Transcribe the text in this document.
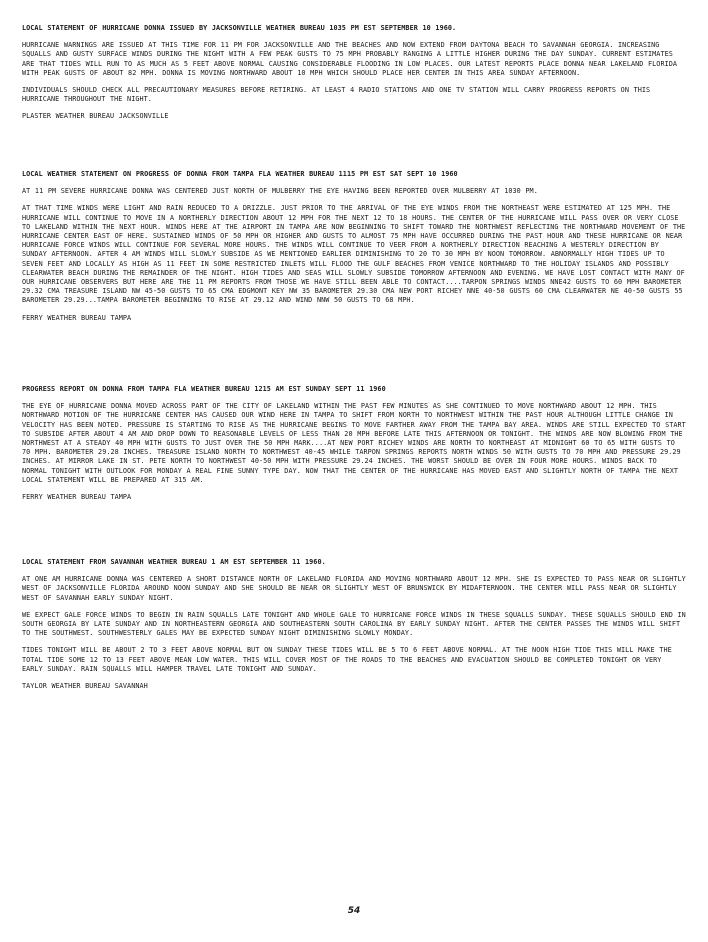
LOCAL STATEMENT OF HURRICANE DONNA ISSUED BY JACKSONVILLE WEATHER BUREAU 1035 PM EST SEPTEMBER 10 1960.
HURRICANE WARNINGS ARE ISSUED AT THIS TIME FOR 11 PM FOR JACKSONVILLE AND THE BEACHES AND NOW EXTEND FROM DAYTONA BEACH TO SAVANNAH GEORGIA. INCREASING SQUALLS AND GUSTY SURFACE WINDS DURING THE NIGHT WITH A FEW PEAK GUSTS TO 75 MPH PROBABLY RANGING A LITTLE HIGHER DURING THE DAY SUNDAY. CURRENT ESTIMATES ARE THAT TIDES WILL RUN TO AS MUCH AS 5 FEET ABOVE NORMAL CAUSING CONSIDERABLE FLOODING IN LOW PLACES. OUR LATEST REPORTS PLACE DONNA NEAR LAKELAND FLORIDA WITH PEAK GUSTS OF ABOUT 82 MPH. DONNA IS MOVING NORTHWARD ABOUT 10 MPH WHICH SHOULD PLACE HER CENTER IN THIS AREA SUNDAY AFTERNOON.
INDIVIDUALS SHOULD CHECK ALL PRECAUTIONARY MEASURES BEFORE RETIRING. AT LEAST 4 RADIO STATIONS AND ONE TV STATION WILL CARRY PROGRESS REPORTS ON THIS HURRICANE THROUGHOUT THE NIGHT.
PLASTER WEATHER BUREAU JACKSONVILLE
LOCAL WEATHER STATEMENT ON PROGRESS OF DONNA FROM TAMPA FLA WEATHER BUREAU 1115 PM EST SAT SEPT 10 1960
AT 11 PM SEVERE HURRICANE DONNA WAS CENTERED JUST NORTH OF MULBERRY THE EYE HAVING BEEN REPORTED OVER MULBERRY AT 1030 PM.
AT THAT TIME WINDS WERE LIGHT AND RAIN REDUCED TO A DRIZZLE. JUST PRIOR TO THE ARRIVAL OF THE EYE WINDS FROM THE NORTHEAST WERE ESTIMATED AT 125 MPH. THE HURRICANE WILL CONTINUE TO MOVE IN A NORTHERLY DIRECTION ABOUT 12 MPH FOR THE NEXT 12 TO 18 HOURS. THE CENTER OF THE HURRICANE WILL PASS OVER OR VERY CLOSE TO LAKELAND WITHIN THE NEXT HOUR. WINDS HERE AT THE AIRPORT IN TAMPA ARE NOW BEGINNING TO SHIFT TOWARD THE NORTHWEST REFLECTING THE NORTHWARD MOVEMENT OF THE HURRICANE CENTER EAST OF HERE. SUSTAINED WINDS OF 50 MPH OR HIGHER AND GUSTS TO ALMOST 75 MPH HAVE OCCURRED DURING THE PAST HOUR AND THESE HURRICANE OR NEAR HURRICANE FORCE WINDS WILL CONTINUE FOR SEVERAL MORE HOURS. THE WINDS WILL CONTINUE TO VEER FROM A NORTHERLY DIRECTION REACHING A WESTERLY DIRECTION BY SUNDAY AFTERNOON. AFTER 4 AM WINDS WILL SLOWLY SUBSIDE AS WE MENTIONED EARLIER DIMINISHING TO 20 TO 30 MPH BY NOON TOMORROW. ABNORMALLY HIGH TIDES UP TO SEVEN FEET AND LOCALLY AS HIGH AS 11 FEET IN SOME RESTRICTED INLETS WILL FLOOD THE GULF BEACHES FROM VENICE NORTHWARD TO THE HOLIDAY ISLANDS AND POSSIBLY CLEARWATER BEACH DURING THE REMAINDER OF THE NIGHT. HIGH TIDES AND SEAS WILL SLOWLY SUBSIDE TOMORROW AFTERNOON AND EVENING. WE HAVE LOST CONTACT WITH MANY OF OUR HURRICANE OBSERVERS BUT HERE ARE THE 11 PM REPORTS FROM THOSE WE HAVE STILL BEEN ABLE TO CONTACT....TARPON SPRINGS WINDS NNE42 GUSTS TO 60 MPH BAROMETER 29.32 CMA TREASURE ISLAND NW 45-50 GUSTS TO 65 CMA EDGMONT KEY NW 35 BAROMETER 29.30 CMA NEW PORT RICHEY NNE 40-50 GUSTS 60 CMA CLEARWATER NE 40-50 GUSTS 55 BAROMETER 29.29...TAMPA BAROMETER BEGINNING TO RISE AT 29.12 AND WIND NNW 50 GUSTS TO 68 MPH.
FERRY WEATHER BUREAU TAMPA
PROGRESS REPORT ON DONNA FROM TAMPA FLA WEATHER BUREAU 1215 AM EST SUNDAY SEPT 11 1960
THE EYE OF HURRICANE DONNA MOVED ACROSS PART OF THE CITY OF LAKELAND WITHIN THE PAST FEW MINUTES AS SHE CONTINUED TO MOVE NORTHWARD ABOUT 12 MPH. THIS NORTHWARD MOTION OF THE HURRICANE CENTER HAS CAUSED OUR WIND HERE IN TAMPA TO SHIFT FROM NORTH TO NORTHWEST WITHIN THE PAST HOUR ALTHOUGH LITTLE CHANGE IN VELOCITY HAS BEEN NOTED. PRESSURE IS STARTING TO RISE AS THE HURRICANE BEGINS TO MOVE FARTHER AWAY FROM THE TAMPA BAY AREA. WINDS ARE STILL EXPECTED TO START TO SUBSIDE AFTER ABOUT 4 AM AND DROP DOWN TO REASONABLE LEVELS OF LESS THAN 20 MPH BEFORE LATE THIS AFTERNOON OR TONIGHT. THE WINDS ARE NOW BLOWING FROM THE NORTHWEST AT A STEADY 40 MPH WITH GUSTS TO JUST OVER THE 50 MPH MARK....AT NEW PORT RICHEY WINDS ARE NORTH TO NORTHEAST AT MIDNIGHT 60 TO 65 WITH GUSTS TO 70 MPH. BAROMETER 29.28 INCHES. TREASURE ISLAND NORTH TO NORTHWEST 40-45 WHILE TARPON SPRINGS REPORTS NORTH WINDS 50 WITH GUSTS TO 70 MPH AND PRESSURE 29.29 INCHES. AT MIRROR LAKE IN ST. PETE NORTH TO NORTHWEST 40-50 MPH WITH PRESSURE 29.24 INCHES. THE WORST SHOULD BE OVER IN FOUR MORE HOURS. WINDS BACK TO NORMAL TONIGHT WITH OUTLOOK FOR MONDAY A REAL FINE SUNNY TYPE DAY. NOW THAT THE CENTER OF THE HURRICANE HAS MOVED EAST AND SLIGHTLY NORTH OF TAMPA THE NEXT LOCAL STATEMENT WILL BE PREPARED AT 315 AM.
FERRY WEATHER BUREAU TAMPA
LOCAL STATEMENT FROM SAVANNAH WEATHER BUREAU 1 AM EST SEPTEMBER 11 1960.
AT ONE AM HURRICANE DONNA WAS CENTERED A SHORT DISTANCE NORTH OF LAKELAND FLORIDA AND MOVING NORTHWARD ABOUT 12 MPH. SHE IS EXPECTED TO PASS NEAR OR SLIGHTLY WEST OF JACKSONVILLE FLORIDA AROUND NOON SUNDAY AND SHE SHOULD BE NEAR OR SLIGHTLY WEST OF BRUNSWICK BY MIDAFTERNOON. THE CENTER WILL PASS NEAR OR SLIGHTLY WEST OF SAVANNAH EARLY SUNDAY NIGHT.
WE EXPECT GALE FORCE WINDS TO BEGIN IN RAIN SQUALLS LATE TONIGHT AND WHOLE GALE TO HURRICANE FORCE WINDS IN THESE SQUALLS SUNDAY. THESE SQUALLS SHOULD END IN SOUTH GEORGIA BY LATE SUNDAY AND IN NORTHEASTERN GEORGIA AND SOUTHEASTERN SOUTH CAROLINA BY EARLY SUNDAY NIGHT. AFTER THE CENTER PASSES THE WINDS WILL SHIFT TO THE SOUTHWEST. SOUTHWESTERLY GALES MAY BE EXPECTED SUNDAY NIGHT DIMINISHING SLOWLY MONDAY.
TIDES TONIGHT WILL BE ABOUT 2 TO 3 FEET ABOVE NORMAL BUT ON SUNDAY THESE TIDES WILL BE 5 TO 6 FEET ABOVE NORMAL. AT THE NOON HIGH TIDE THIS WILL MAKE THE TOTAL TIDE SOME 12 TO 13 FEET ABOVE MEAN LOW WATER. THIS WILL COVER MOST OF THE ROADS TO THE BEACHES AND EVACUATION SHOULD BE COMPLETED TONIGHT OR VERY EARLY SUNDAY. RAIN SQUALLS WILL HAMPER TRAVEL LATE TONIGHT AND SUNDAY.
TAYLOR WEATHER BUREAU SAVANNAH
54
